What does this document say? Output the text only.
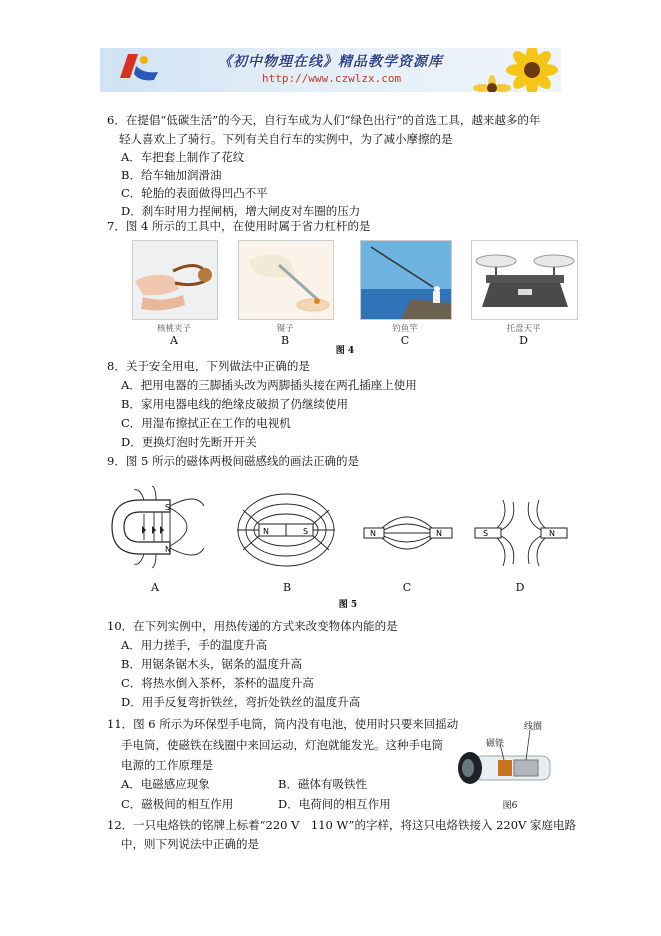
《初中物理在线》精品教学资源库
http://www.czwlzx.com
6．在提倡“低碳生活”的今天，自行车成为人们“绿色出行”的首选工具，越来越多的年
轻人喜欢上了骑行。下列有关自行车的实例中，为了减小摩擦的是
A．车把套上制作了花纹
B．给车轴加润滑油
C．轮胎的表面做得凹凸不平
D．刹车时用力捏闸柄，增大闸皮对车圈的压力
7．图 4 所示的工具中，在使用时属于省力杠杆的是
核桃夹子	镊子	钓鱼竿	托盘天平
A	B	C	D
图 4
8．关于安全用电，下列做法中正确的是
A．把用电器的三脚插头改为两脚插头接在两孔插座上使用
B．家用电器电线的绝缘皮破损了仍继续使用
C．用湿布擦拭正在工作的电视机
D．更换灯泡时先断开开关
9．图 5 所示的磁体两极间磁感线的画法正确的是
S
N
N	S	N	N	S	N
A	B	C	D
图 5
10．在下列实例中，用热传递的方式来改变物体内能的是
A．用力搓手，手的温度升高
B．用锯条锯木头，锯条的温度升高
C．将热水倒入茶杯，茶杯的温度升高
D．用手反复弯折铁丝，弯折处铁丝的温度升高
11．图 6 所示为环保型手电筒，筒内没有电池，使用时只要来回摇动
手电筒，使磁铁在线圈中来回运动，灯泡就能发光。这种手电筒
电源的工作原理是
A．电磁感应现象	B．磁体有吸铁性
C．磁极间的相互作用	D．电荷间的相互作用
磁铁
线圈
图6
12．一只电烙铁的铭牌上标着“220 V　110 W”的字样，将这只电烙铁接入 220V 家庭电路
中，则下列说法中正确的是
